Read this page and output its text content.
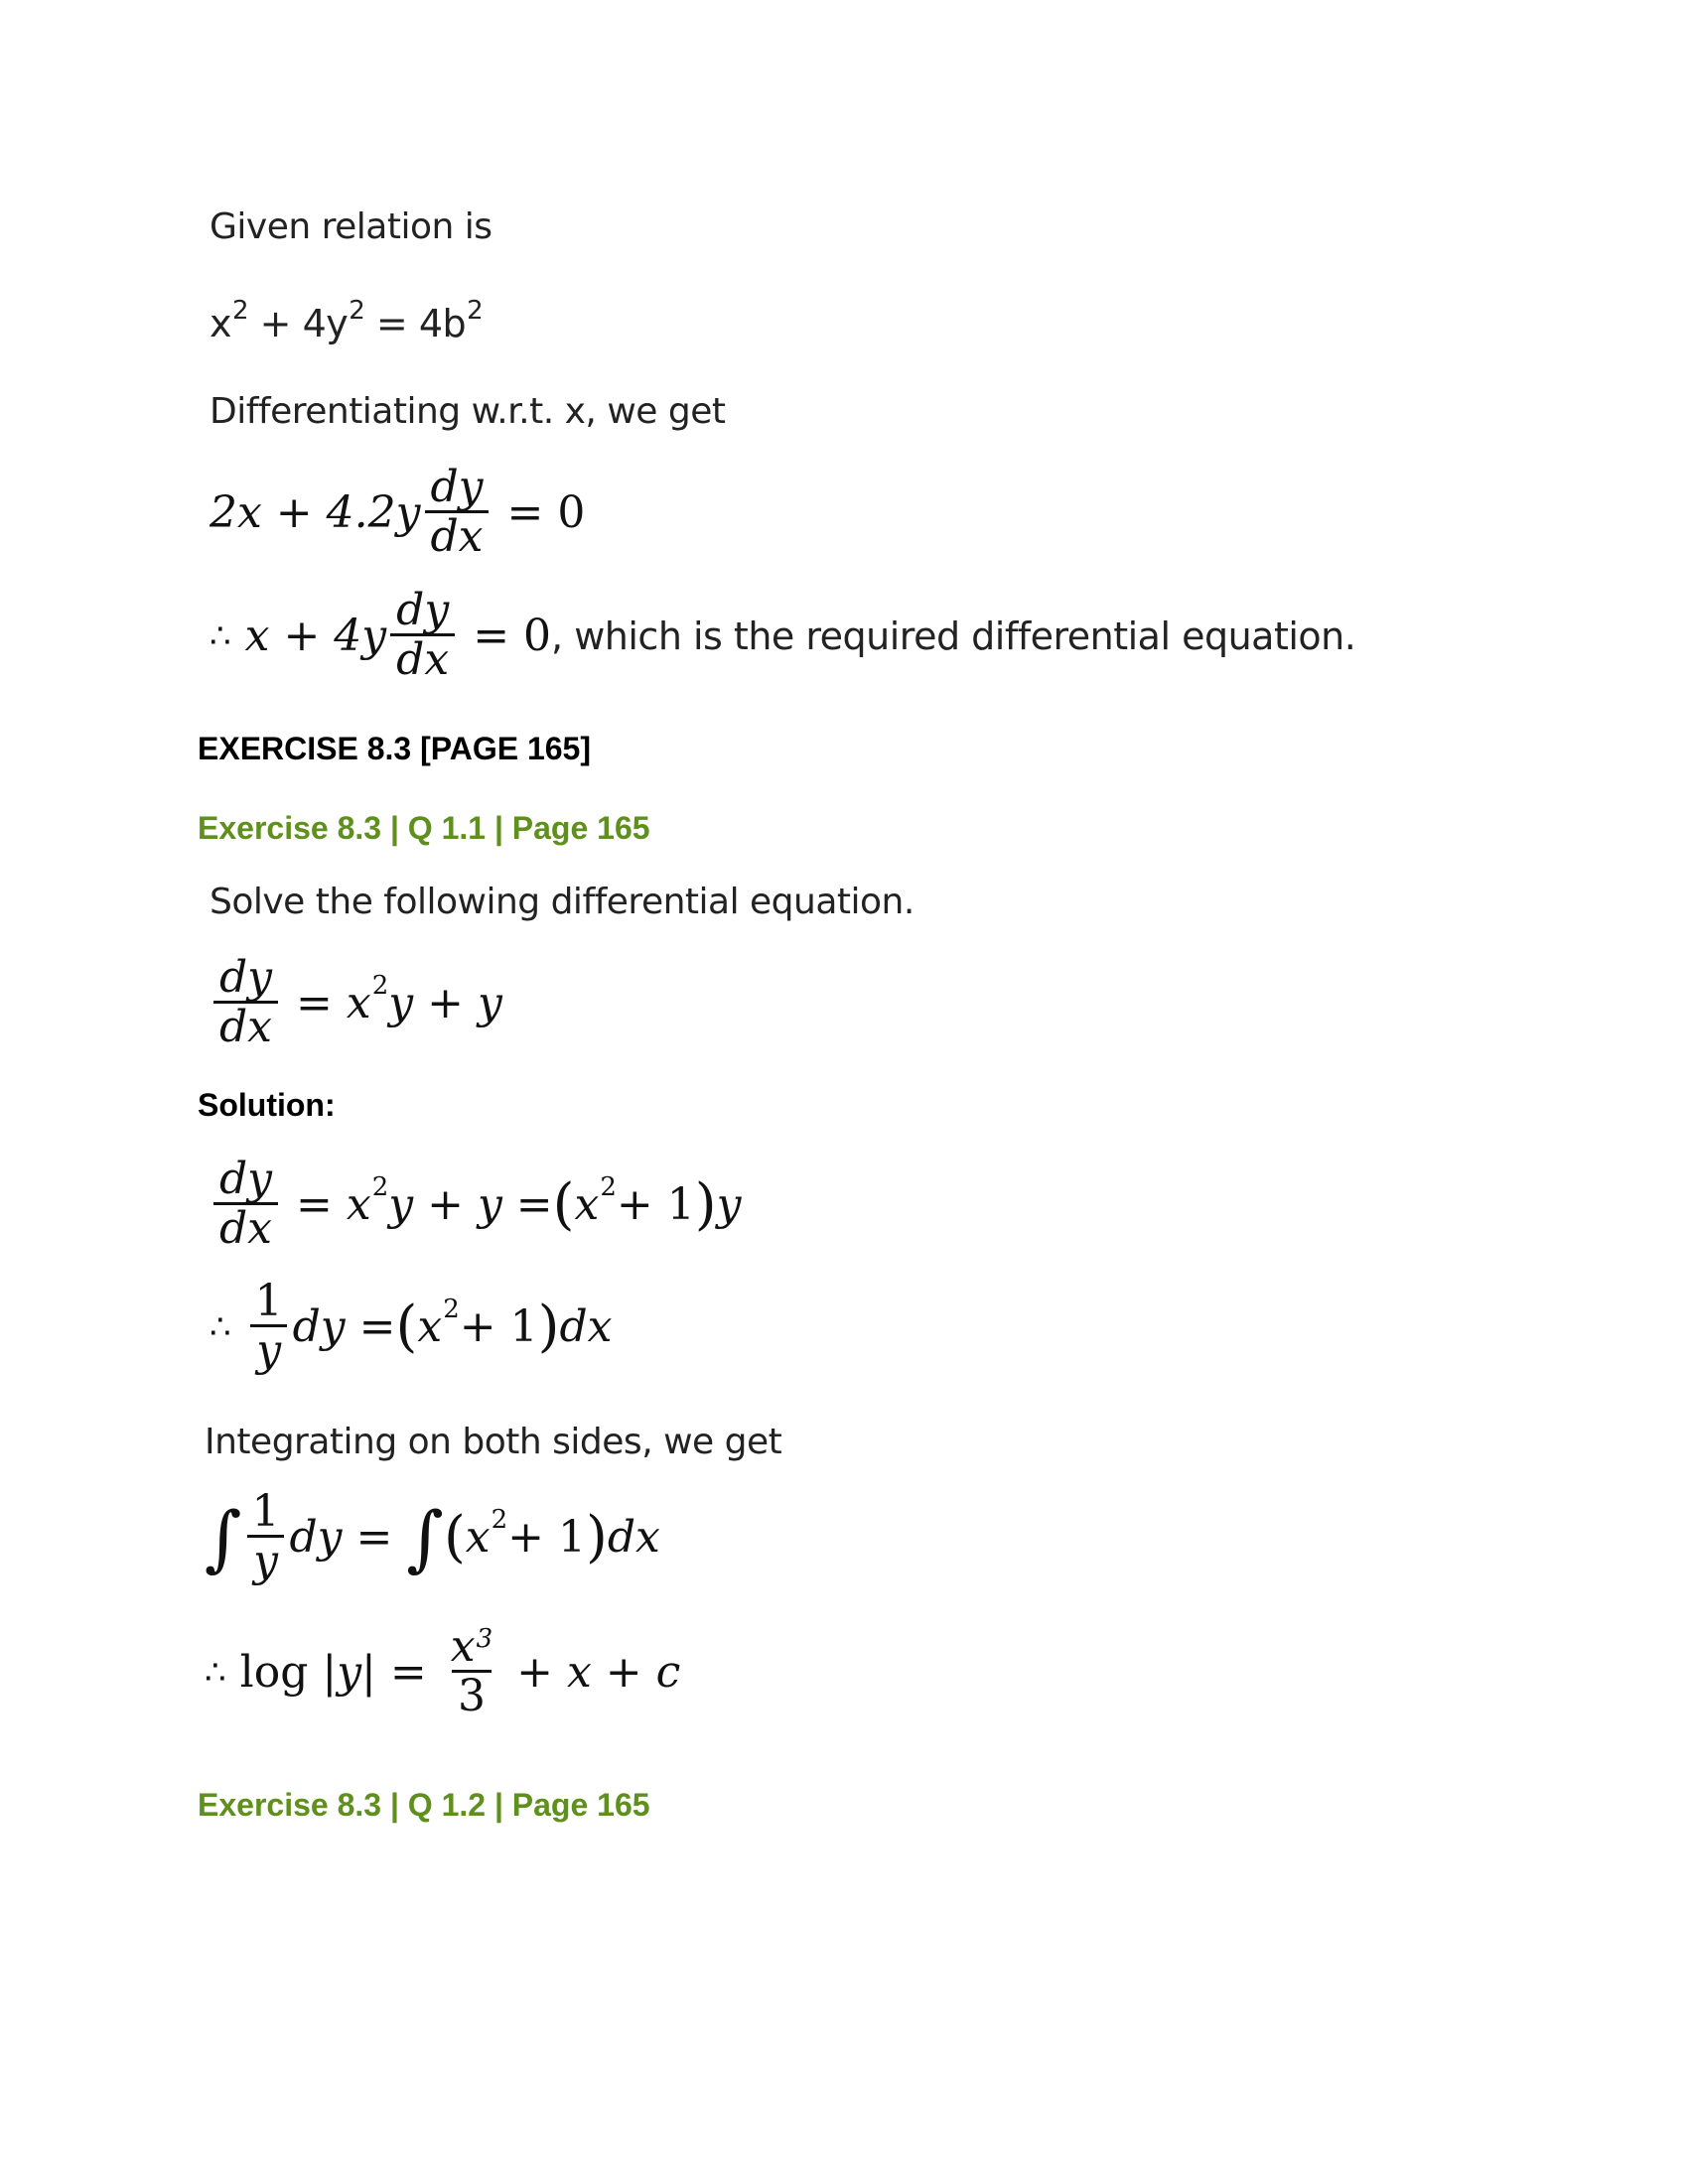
Given relation is
$x^2 + 4y^2 = 4b^2$
Differentiating w.r.t. x, we get
$2x + 4.2y \frac{dy}{dx} = 0$
∴ $x + 4y \frac{dy}{dx} = 0$ , which is the required differential equation.
EXERCISE 8.3 [PAGE 165]
Exercise 8.3 | Q 1.1 | Page 165
Solve the following differential equation.
$\frac{dy}{dx} = x$ 2 y + y
Solution:
$\frac{dy}{dx} = x$ 2 y + y = ( x 2 + 1 ) y
∴ $\frac{1}{y}$ dy = ( x 2 + 1 ) dx
Integrating on both sides, we get
∫ $\frac{1}{y}$ dy = ∫ ( x 2 + 1 ) dx
∴ $\log |y| = \frac{x^3}{3} + x + c$
Exercise 8.3 | Q 1.2 | Page 165
